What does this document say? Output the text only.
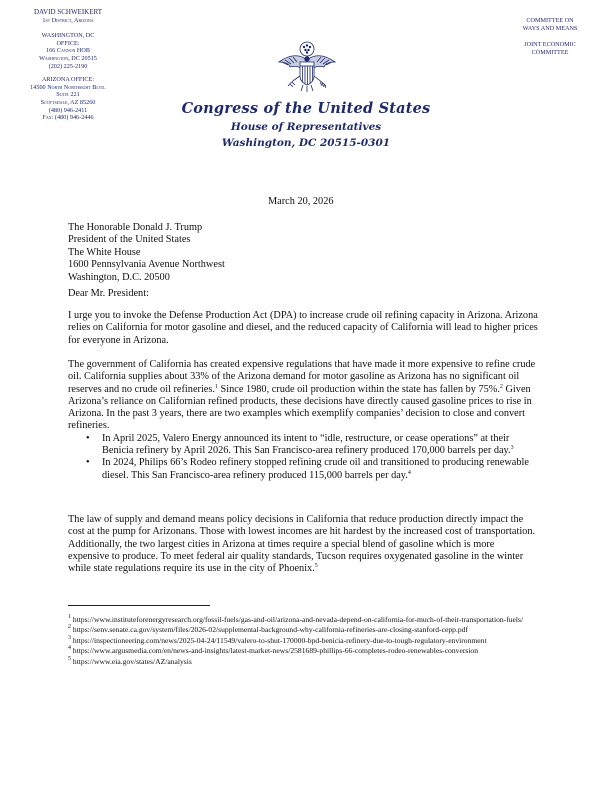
DAVID SCHWEIKERT
1st District, Arizona
WASHINGTON, DC
OFFICE:
166 Cannon HOB
Washington, DC 20515
(202) 225-2190
ARIZONA OFFICE:
14500 North Northsight Blvd.
Suite 221
Scottsdale, AZ 85260
(480) 946-2411
Fax: (480) 946-2446
COMMITTEE ON
WAYS AND MEANS
JOINT ECONOMIC
COMMITTEE
Congress of the United States
House of Representatives
Washington, DC 20515-0301
March 20, 2026
The Honorable Donald J. Trump
President of the United States
The White House
1600 Pennsylvania Avenue Northwest
Washington, D.C. 20500
Dear Mr. President:

I urge you to invoke the Defense Production Act (DPA) to increase crude oil refining capacity in Arizona. Arizona relies on California for motor gasoline and diesel, and the reduced capacity of California will lead to higher prices for everyone in Arizona.

The government of California has created expensive regulations that have made it more expensive to refine crude oil. California supplies about 33% of the Arizona demand for motor gasoline as Arizona has no significant oil reserves and no crude oil refineries.$^1$ Since 1980, crude oil production within the state has fallen by 75%.$^2$ Given Arizona’s reliance on Californian refined products, these decisions have directly caused gasoline prices to rise in Arizona. In the past 3 years, there are two examples which exemplify companies’ decision to close and convert refineries.

• In April 2025, Valero Energy announced its intent to “idle, restructure, or cease operations” at their Benicia refinery by April 2026. This San Francisco-area refinery produced 170,000 barrels per day.$^3$
• In 2024, Philips 66’s Rodeo refinery stopped refining crude oil and transitioned to producing renewable diesel. This San Francisco-area refinery produced 115,000 barrels per day.$^4$

The law of supply and demand means policy decisions in California that reduce production directly impact the cost at the pump for Arizonans. Those with lowest incomes are hit hardest by the increased cost of transportation. Additionally, the two largest cities in Arizona at times require a special blend of gasoline which is more expensive to produce. To meet federal air quality standards, Tucson requires oxygenated gasoline in the winter while state regulations require its use in the city of Phoenix.$^5$

$^1$ https://www.instituteforenergyresearch.org/fossil-fuels/gas-and-oil/arizona-and-nevada-depend-on-california-for-much-of-their-transportation-fuels/
$^2$ https://senv.senate.ca.gov/system/files/2026-02/supplemental-background-why-california-refineries-are-closing-stanford-cepp.pdf
$^3$ https://inspectioneering.com/news/2025-04-24/11549/valero-to-shut-170000-bpd-benicia-refinery-due-to-tough-regulatory-environment
$^4$ https://www.argusmedia.com/en/news-and-insights/latest-market-news/2581689-phillips-66-completes-rodeo-renewables-conversion
$^5$ https://www.eia.gov/states/AZ/analysis
